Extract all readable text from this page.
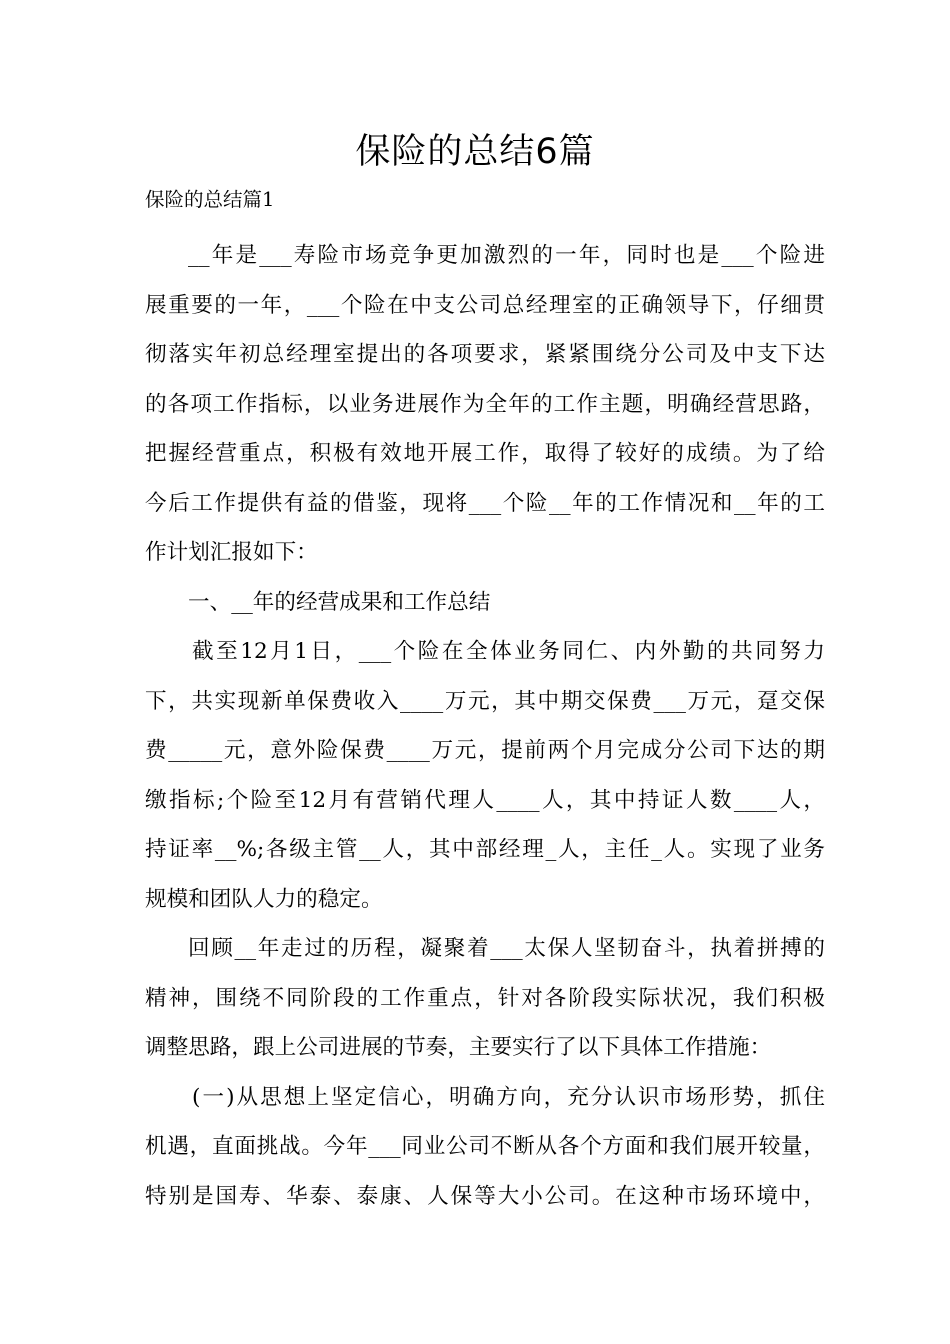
保险的总结6篇
保险的总结篇1

__年是___寿险市场竞争更加激烈的一年，同时也是___个险进
展重要的一年，___个险在中支公司总经理室的正确领导下，仔细贯
彻落实年初总经理室提出的各项要求，紧紧围绕分公司及中支下达
的各项工作指标，以业务进展作为全年的工作主题，明确经营思路，
把握经营重点，积极有效地开展工作，取得了较好的成绩。为了给
今后工作提供有益的借鉴，现将___个险__年的工作情况和__年的工
作计划汇报如下：

一、__年的经营成果和工作总结

截至12月1日，___个险在全体业务同仁、内外勤的共同努力
下，共实现新单保费收入____万元，其中期交保费___万元，趸交保
费_____元，意外险保费____万元，提前两个月完成分公司下达的期
缴指标;个险至12月有营销代理人____人，其中持证人数____人，
持证率__%;各级主管__人，其中部经理_人，主任_人。实现了业务
规模和团队人力的稳定。

回顾__年走过的历程，凝聚着___太保人坚韧奋斗，执着拼搏的
精神，围绕不同阶段的工作重点，针对各阶段实际状况，我们积极
调整思路，跟上公司进展的节奏，主要实行了以下具体工作措施：

(一)从思想上坚定信心，明确方向，充分认识市场形势，抓住
机遇，直面挑战。今年___同业公司不断从各个方面和我们展开较量，
特别是国寿、华泰、泰康、人保等大小公司。在这种市场环境中，
